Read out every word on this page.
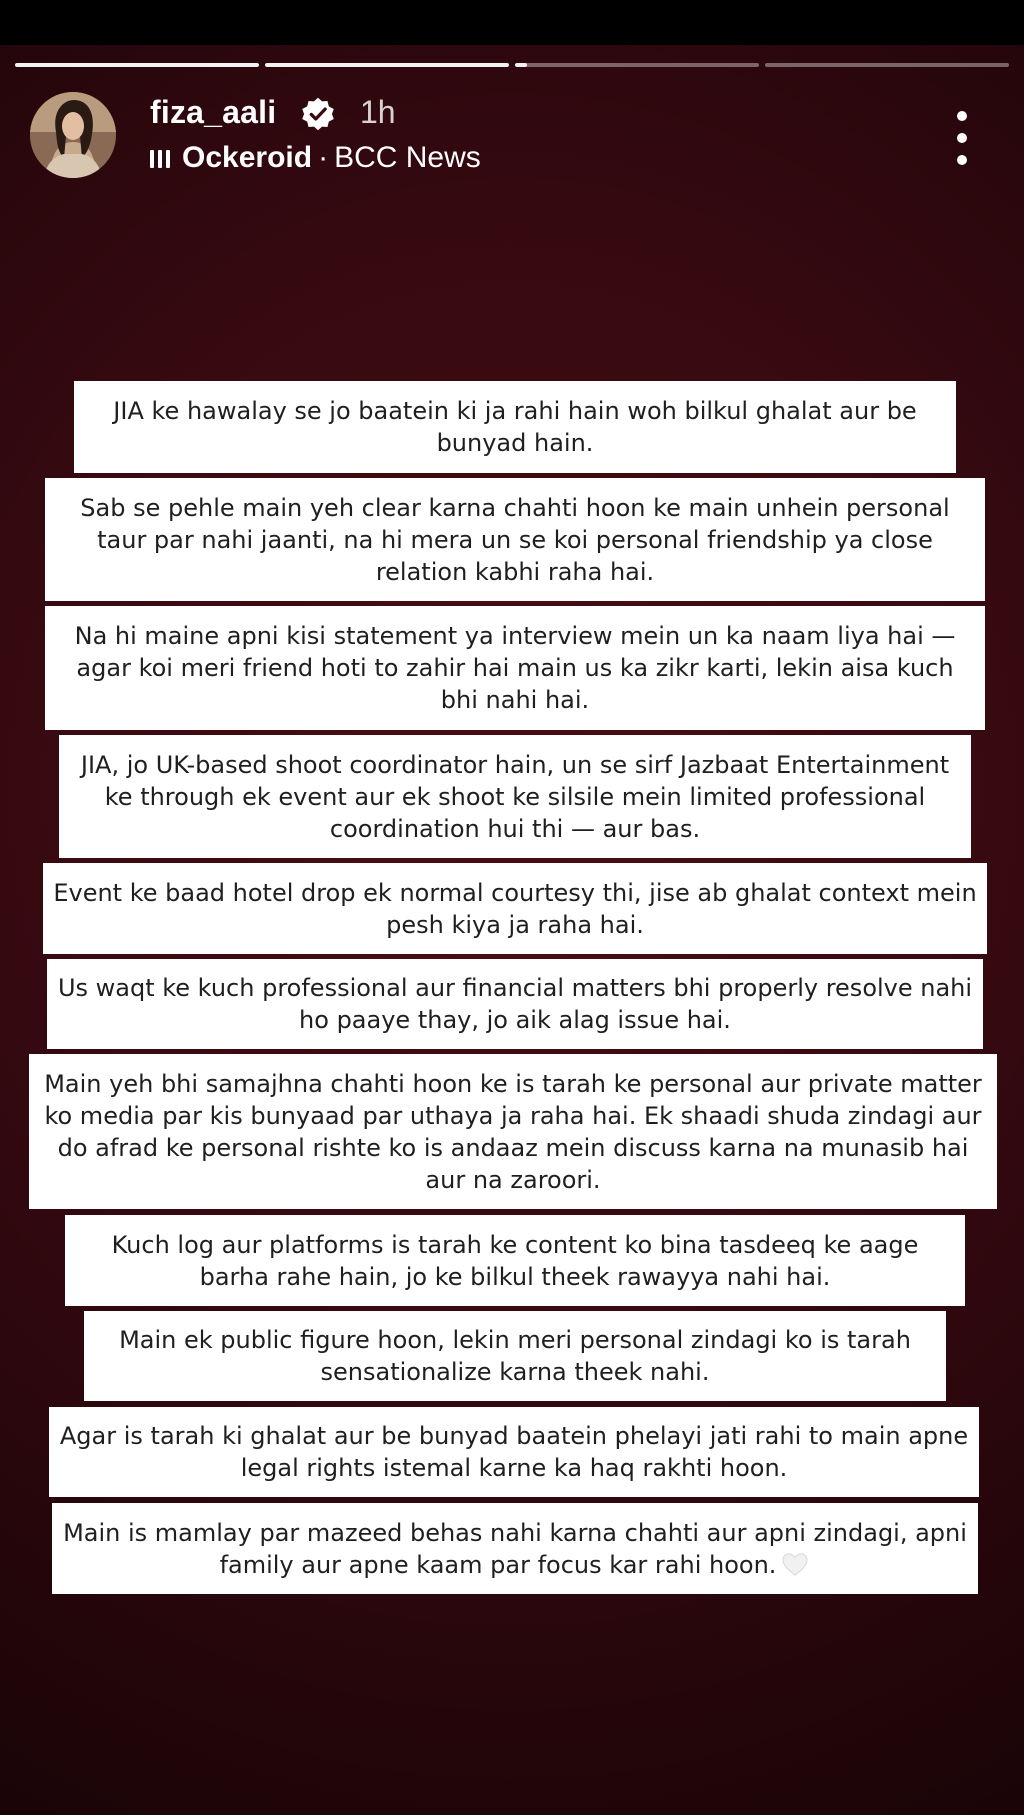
fiza_aali	1h
Ockeroid · BCC News

JIA ke hawalay se jo baatein ki ja rahi hain woh bilkul ghalat aur be bunyad hain.

Sab se pehle main yeh clear karna chahti hoon ke main unhein personal taur par nahi jaanti, na hi mera un se koi personal friendship ya close relation kabhi raha hai.

Na hi maine apni kisi statement ya interview mein un ka naam liya hai — agar koi meri friend hoti to zahir hai main us ka zikr karti, lekin aisa kuch bhi nahi hai.

JIA, jo UK-based shoot coordinator hain, un se sirf Jazbaat Entertainment ke through ek event aur ek shoot ke silsile mein limited professional coordination hui thi — aur bas.

Event ke baad hotel drop ek normal courtesy thi, jise ab ghalat context mein pesh kiya ja raha hai.

Us waqt ke kuch professional aur financial matters bhi properly resolve nahi ho paaye thay, jo aik alag issue hai.

Main yeh bhi samajhna chahti hoon ke is tarah ke personal aur private matter ko media par kis bunyaad par uthaya ja raha hai. Ek shaadi shuda zindagi aur do afrad ke personal rishte ko is andaaz mein discuss karna na munasib hai aur na zaroori.

Kuch log aur platforms is tarah ke content ko bina tasdeeq ke aage barha rahe hain, jo ke bilkul theek rawayya nahi hai.

Main ek public figure hoon, lekin meri personal zindagi ko is tarah sensationalize karna theek nahi.

Agar is tarah ki ghalat aur be bunyad baatein phelayi jati rahi to main apne legal rights istemal karne ka haq rakhti hoon.

Main is mamlay par mazeed behas nahi karna chahti aur apni zindagi, apni family aur apne kaam par focus kar rahi hoon.
